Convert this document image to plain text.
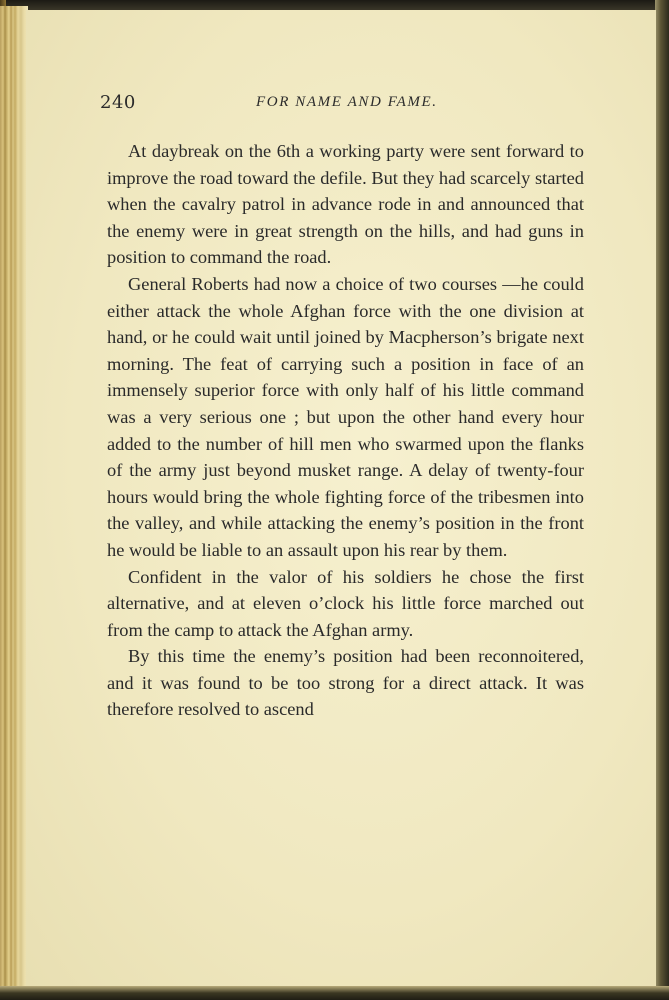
240	FOR NAME AND FAME.

At daybreak on the 6th a working party were sent forward to improve the road toward the defile. But they had scarcely started when the cavalry patrol in advance rode in and announced that the enemy were in great strength on the hills, and had guns in position to command the road.

General Roberts had now a choice of two courses —he could either attack the whole Afghan force with the one division at hand, or he could wait until joined by Macpherson’s brigate next morning. The feat of carrying such a position in face of an immensely superior force with only half of his little command was a very serious one ; but upon the other hand every hour added to the number of hill men who swarmed upon the flanks of the army just beyond musket range. A delay of twenty-four hours would bring the whole fighting force of the tribesmen into the valley, and while attacking the enemy’s position in the front he would be liable to an assault upon his rear by them.

Confident in the valor of his soldiers he chose the first alternative, and at eleven o’clock his little force marched out from the camp to attack the Afghan army.

By this time the enemy’s position had been reconnoitered, and it was found to be too strong for a direct attack. It was therefore resolved to ascend
